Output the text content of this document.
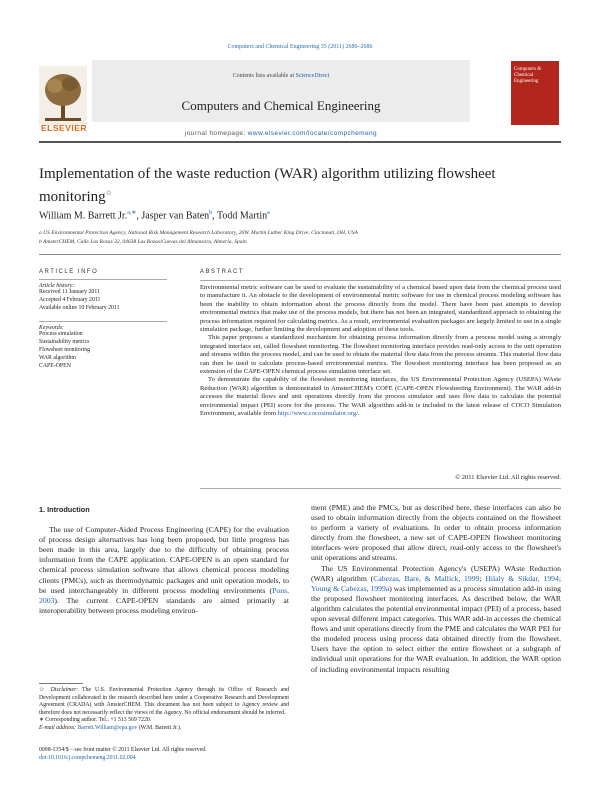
Computers and Chemical Engineering 35 (2011) 2680–2686
ELSEVIER
Contents lists available at ScienceDirect
Computers and Chemical Engineering
journal homepage: www.elsevier.com/locate/compchemeng
Computers & Chemical Engineering
Implementation of the waste reduction (WAR) algorithm utilizing flowsheet monitoring☆
William M. Barrett Jr.$^{a,∗}$, Jasper van Baten$^b$, Todd Martin$^a$
a US Environmental Protection Agency, National Risk Management Research Laboratory, 26W. Martin Luther King Drive, Cincinnati, OH, USA
b AmsterCHEM, Calle Las Rozas 32, 04638 Las Rozas/Cuevas del Almanzora, Almería, Spain
ARTICLE INFO
Article history:
Received 11 January 2011
Accepted 4 February 2011
Available online 10 February 2011
Keywords:
Process simulation
Sustainability metrics
Flowsheet monitoring
WAR algorithm
CAPE-OPEN
ABSTRACT

Environmental metric software can be used to evaluate the sustainability of a chemical based upon data from the chemical process used to manufacture it. An obstacle to the development of environmental metric software for use in chemical process modeling software has been the inability to obtain information about the process directly from the model. There have been past attempts to develop environmental metrics that make use of the process models, but there has not been an integrated, standardized approach to obtaining the process information required for calculating metrics. As a result, environmental evaluation packages are largely limited to use in a single simulation package, further limiting the development and adoption of these tools.

This paper proposes a standardized mechanism for obtaining process information directly from a process model using a strongly integrated interface set, called flowsheet monitoring. The flowsheet monitoring interface provides read-only access to the unit operation and streams within the process model, and can be used to obtain the material flow data from the process streams. This material flow data can then be used to calculate process-based environmental metrics. The flowsheet monitoring interface has been proposed as an extension of the CAPE-OPEN chemical process simulation interface set.

To demonstrate the capability of the flowsheet monitoring interfaces, the US Environmental Protection Agency (USEPA) WAste Reduction (WAR) algorithm is demonstrated in AmsterCHEM's COFE (CAPE-OPEN Flowsheeting Environment). The WAR add-in accesses the material flows and unit operations directly from the process simulator and uses flow data to calculate the potential environmental impact (PEI) score for the process. The WAR algorithm add-in is included in the latest release of COCO Simulation Environment, available from http://www.cocosimulator.org/.

© 2011 Elsevier Ltd. All rights reserved.
1. Introduction

The use of Computer-Aided Process Engineering (CAPE) for the evaluation of process design alternatives has long been proposed, but little progress has been made in this area, largely due to the difficulty of obtaining process information from the CAPE application. CAPE-OPEN is an open standard for chemical process simulation software that allows chemical process modeling clients (PMCs), such as thermodynamic packages and unit operation models, to be used interchangeably in different process modeling environments (Pons, 2003). The current CAPE-OPEN standards are aimed primarily at interoperability between process modeling environ-

ment (PME) and the PMCs, but as described here, these interfaces can also be used to obtain information directly from the objects contained on the flowsheet to perform a variety of evaluations. In order to obtain process information directly from the flowsheet, a new set of CAPE-OPEN flowsheet monitoring interfaces were proposed that allow direct, read-only access to the flowsheet's unit operations and streams.

The US Environmental Protection Agency's (USEPA) WAste Reduction (WAR) algorithm (Cabezas, Bare, & Mallick, 1999; Hilaly & Sikdar, 1994; Young & Cabezas, 1999a) was implemented as a process simulation add-in using the proposed flowsheet monitoring interfaces. As described below, the WAR algorithm calculates the potential environmental impact (PEI) of a process, based upon several different impact categories. This WAR add-in accesses the chemical flows and unit operations directly from the PME and calculates the WAR PEI for the modeled process using process data obtained directly from the flowsheet. Users have the option to select either the entire flowsheet or a subgraph of individual unit operations for the WAR evaluation. In addition, the WAR option of including environmental impacts resulting

☆ Disclaimer: The U.S. Environmental Protection Agency through its Office of Research and Development collaborated in the research described here under a Cooperative Research and Development Agreement (CRADA) with AmsterCHEM. This document has not been subject to Agency review and therefore does not necessarily reflect the views of the Agency. No official endorsement should be inferred.

∗ Corresponding author. Tel.: +1 513 569 7220.

E-mail address: Barrett.William@epa.gov (W.M. Barrett Jr.).

0098-1354/$ – see front matter © 2011 Elsevier Ltd. All rights reserved.
doi:10.1016/j.compchemeng.2011.02.004
